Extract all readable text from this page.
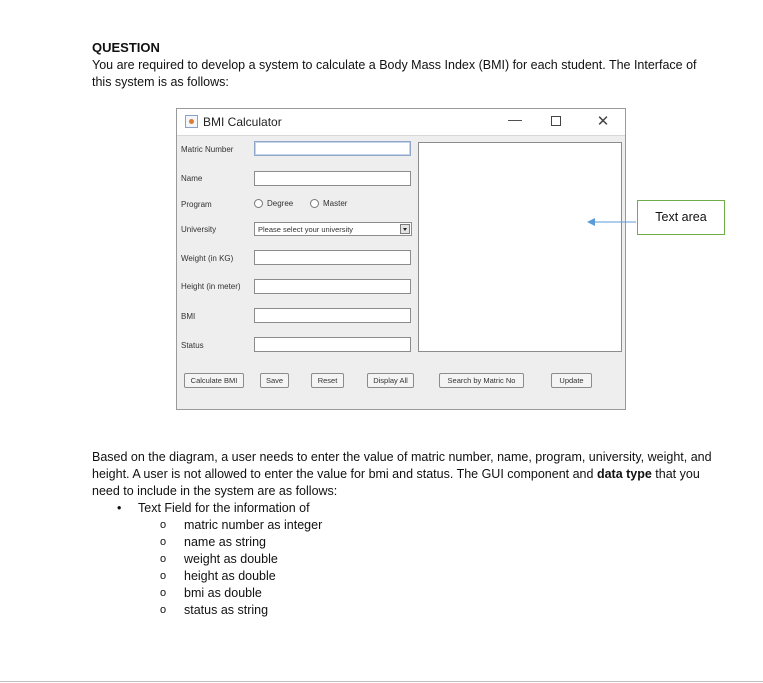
QUESTION
You are required to develop a system to calculate a Body Mass Index (BMI) for each student. The Interface of this system is as follows:
BMI Calculator	—	✕
Matric Number
Name
Program	Degree	Master
University	Please select your university
Weight (in KG)
Height (in meter)
BMI
Status
Calculate BMI	Save	Reset	Display All	Search by Matric No	Update
Text area
Based on the diagram, a user needs to enter the value of matric number, name, program, university, weight, and height. A user is not allowed to enter the value for bmi and status. The GUI component and data type that you need to include in the system are as follows:
• Text Field for the information of
o matric number as integer
o name as string
o weight as double
o height as double
o bmi as double
o status as string
